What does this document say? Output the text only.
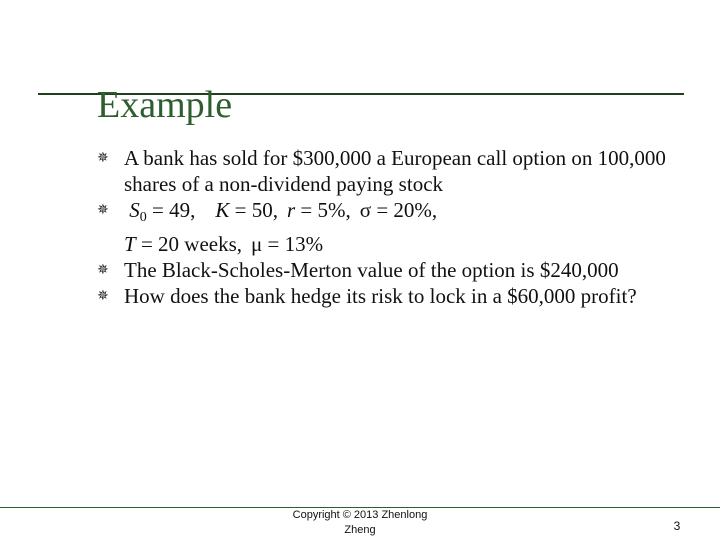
Example
✵ A bank has sold for $300,000 a European call option on 100,000 shares of a non-dividend paying stock
✵ $S_0 = 49$, K = 50, r = 5%, σ = 20%,
T = 20 weeks, μ = 13%
✵ The Black-Scholes-Merton value of the option is $240,000
✵ How does the bank hedge its risk to lock in a $60,000 profit?
Copyright © 2013 Zhenlong
Zheng	3
